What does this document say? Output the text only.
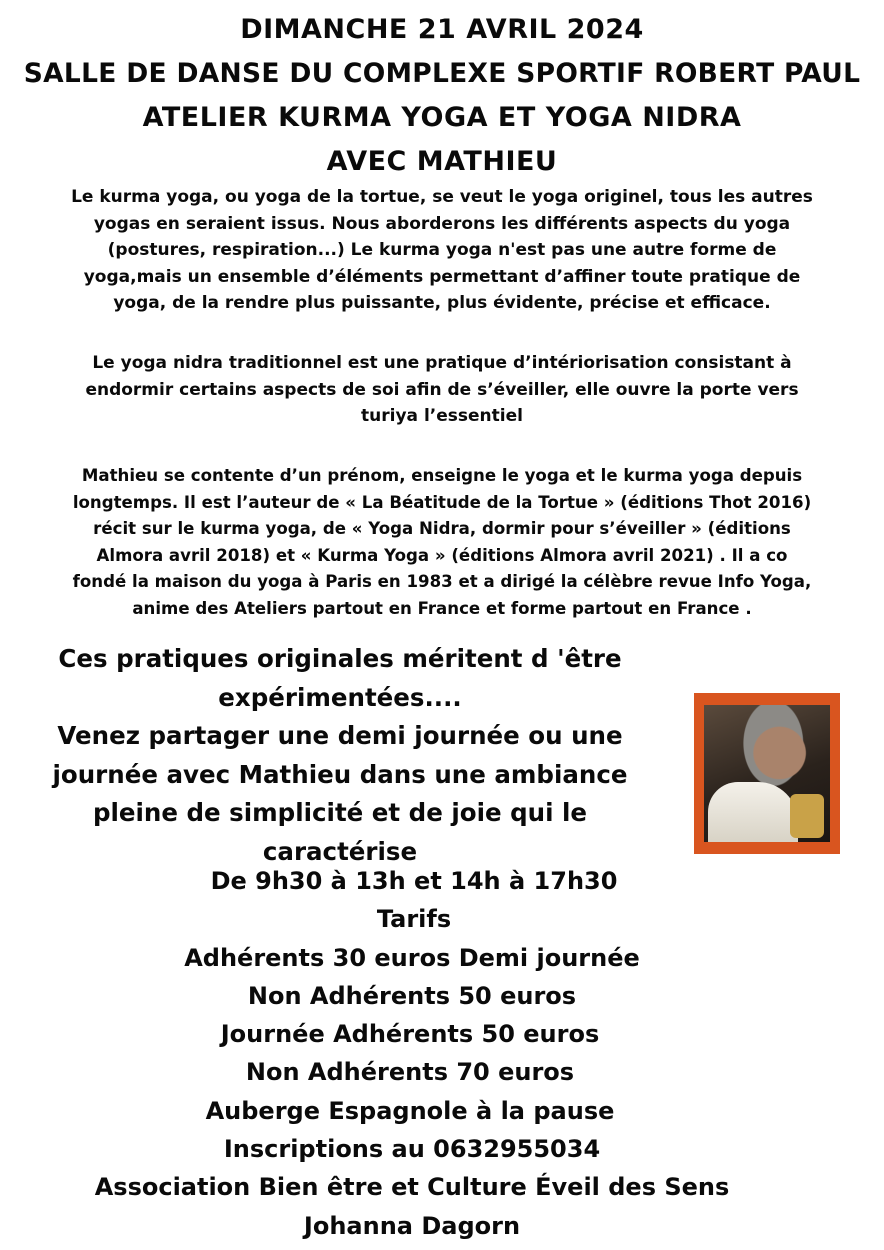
DIMANCHE 21 AVRIL 2024
SALLE DE DANSE DU COMPLEXE SPORTIF ROBERT PAUL
ATELIER KURMA YOGA ET YOGA NIDRA
AVEC MATHIEU
Le kurma yoga, ou yoga de la tortue, se veut le yoga originel, tous les autres
yogas en seraient issus. Nous aborderons les différents aspects du yoga
(postures, respiration...) Le kurma yoga n'est pas une autre forme de
yoga,mais un ensemble d’éléments permettant d’affiner toute pratique de
yoga, de la rendre plus puissante, plus évidente, précise et efficace.
Le yoga nidra traditionnel est une pratique d’intériorisation consistant à
endormir certains aspects de soi afin de s’éveiller, elle ouvre la porte vers
turiya l’essentiel
Mathieu se contente d’un prénom, enseigne le yoga et le kurma yoga depuis
longtemps. Il est l’auteur de « La Béatitude de la Tortue » (éditions Thot 2016)
récit sur le kurma yoga, de « Yoga Nidra, dormir pour s’éveiller » (éditions
Almora avril 2018) et « Kurma Yoga » (éditions Almora avril 2021) . Il a co
fondé la maison du yoga à Paris en 1983 et a dirigé la célèbre revue Info Yoga,
anime des Ateliers partout en France et forme partout en France .
Ces pratiques originales méritent d 'être
expérimentées....
Venez partager une demi journée ou une
journée avec Mathieu dans une ambiance
pleine de simplicité et de joie qui le
caractérise
De 9h30 à 13h et 14h à 17h30
Tarifs
Adhérents 30 euros Demi journée
Non Adhérents 50 euros
Journée Adhérents 50 euros
Non Adhérents 70 euros
Auberge Espagnole à la pause
Inscriptions au 0632955034
Association Bien être et Culture Éveil des Sens
Johanna Dagorn
